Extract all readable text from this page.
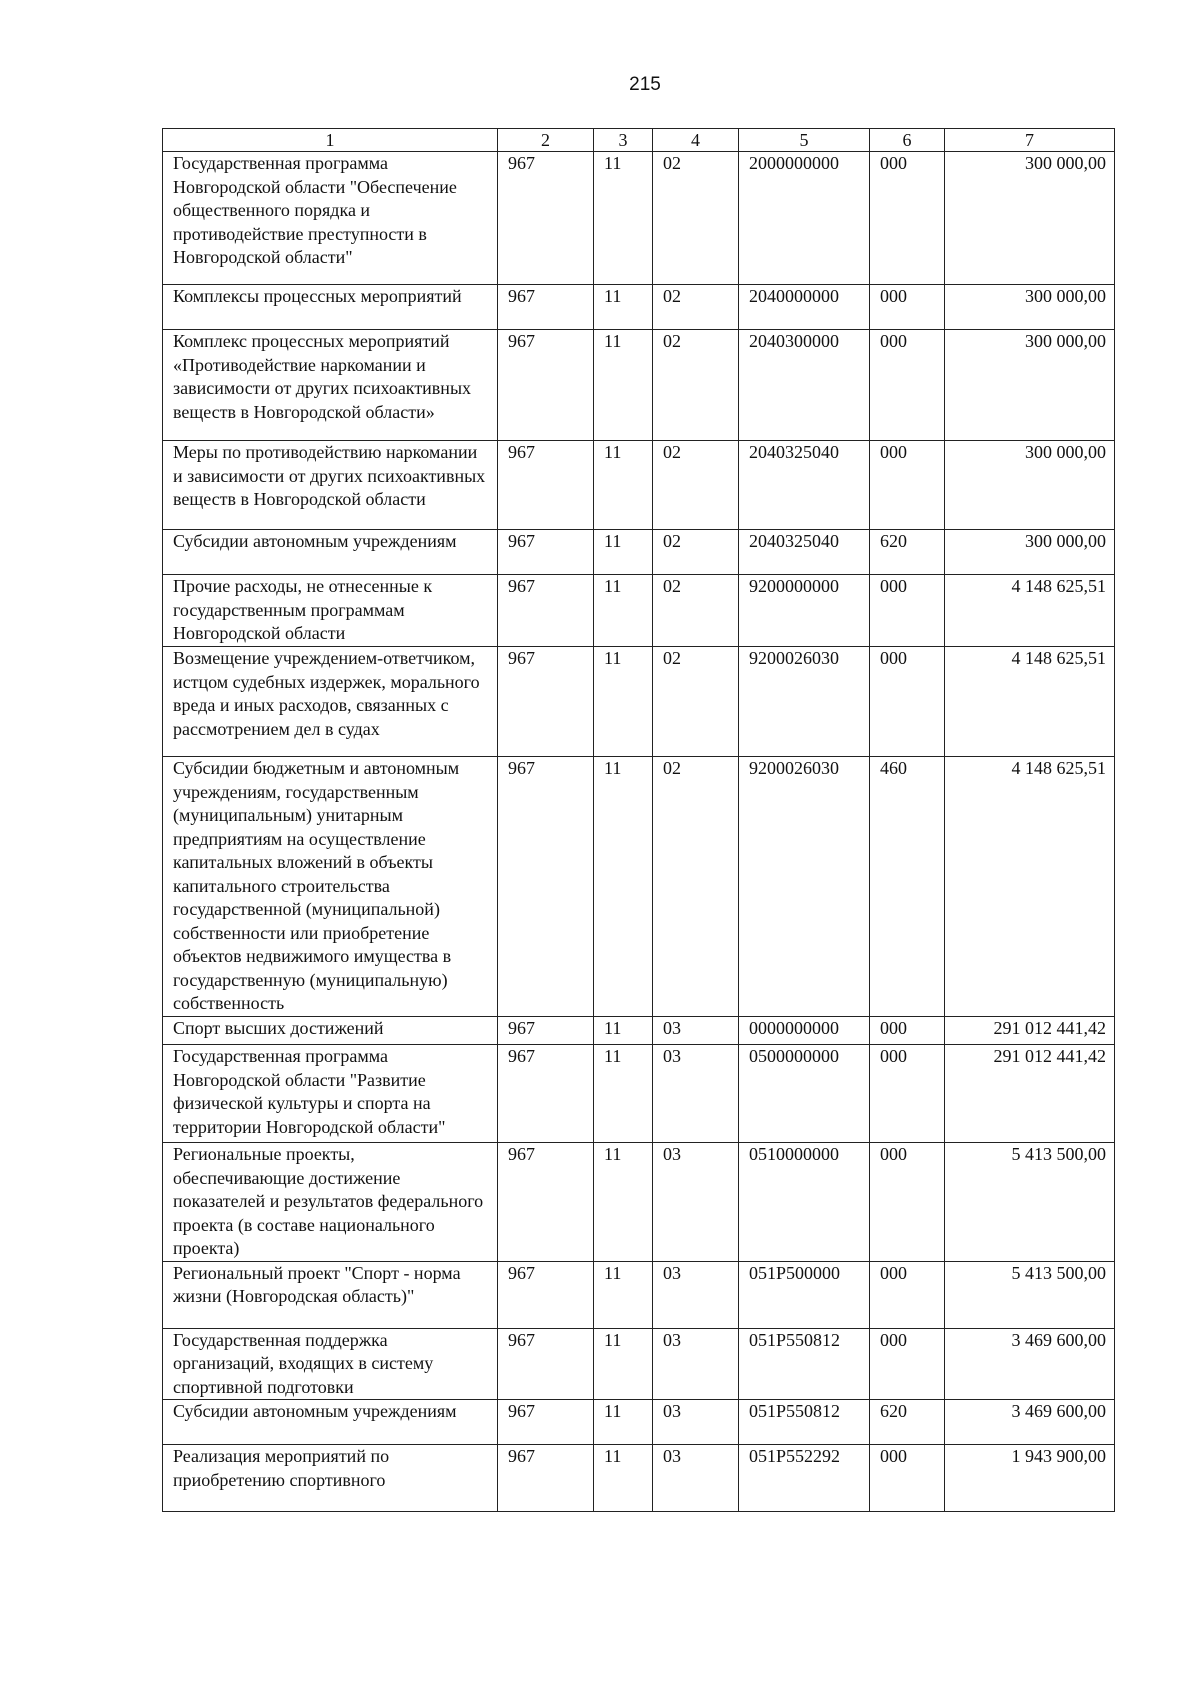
215
1	2	3	4	5	6	7
Государственная программа Новгородской области "Обеспечение общественного порядка и противодействие преступности в Новгородской области"	967	11	02	2000000000	000	300 000,00
Комплексы процессных мероприятий	967	11	02	2040000000	000	300 000,00
Комплекс процессных мероприятий «Противодействие наркомании и зависимости от других психоактивных веществ в Новгородской области»	967	11	02	2040300000	000	300 000,00
Меры по противодействию наркомании и зависимости от других психоактивных веществ в Новгородской области	967	11	02	2040325040	000	300 000,00
Субсидии автономным учреждениям	967	11	02	2040325040	620	300 000,00
Прочие расходы, не отнесенные к государственным программам Новгородской области	967	11	02	9200000000	000	4 148 625,51
Возмещение учреждением-ответчиком, истцом судебных издержек, морального вреда и иных расходов, связанных с рассмотрением дел в судах	967	11	02	9200026030	000	4 148 625,51
Субсидии бюджетным и автономным учреждениям, государственным (муниципальным) унитарным предприятиям на осуществление капитальных вложений в объекты капитального строительства государственной (муниципальной) собственности или приобретение объектов недвижимого имущества в государственную (муниципальную) собственность	967	11	02	9200026030	460	4 148 625,51
Спорт высших достижений	967	11	03	0000000000	000	291 012 441,42
Государственная программа Новгородской области "Развитие физической культуры и спорта на территории Новгородской области"	967	11	03	0500000000	000	291 012 441,42
Региональные проекты, обеспечивающие достижение показателей и результатов федерального проекта (в составе национального проекта)	967	11	03	0510000000	000	5 413 500,00
Региональный проект "Спорт - норма жизни (Новгородская область)"	967	11	03	051P500000	000	5 413 500,00
Государственная поддержка организаций, входящих в систему спортивной подготовки	967	11	03	051P550812	000	3 469 600,00
Субсидии автономным учреждениям	967	11	03	051P550812	620	3 469 600,00
Реализация мероприятий по приобретению спортивного	967	11	03	051P552292	000	1 943 900,00
